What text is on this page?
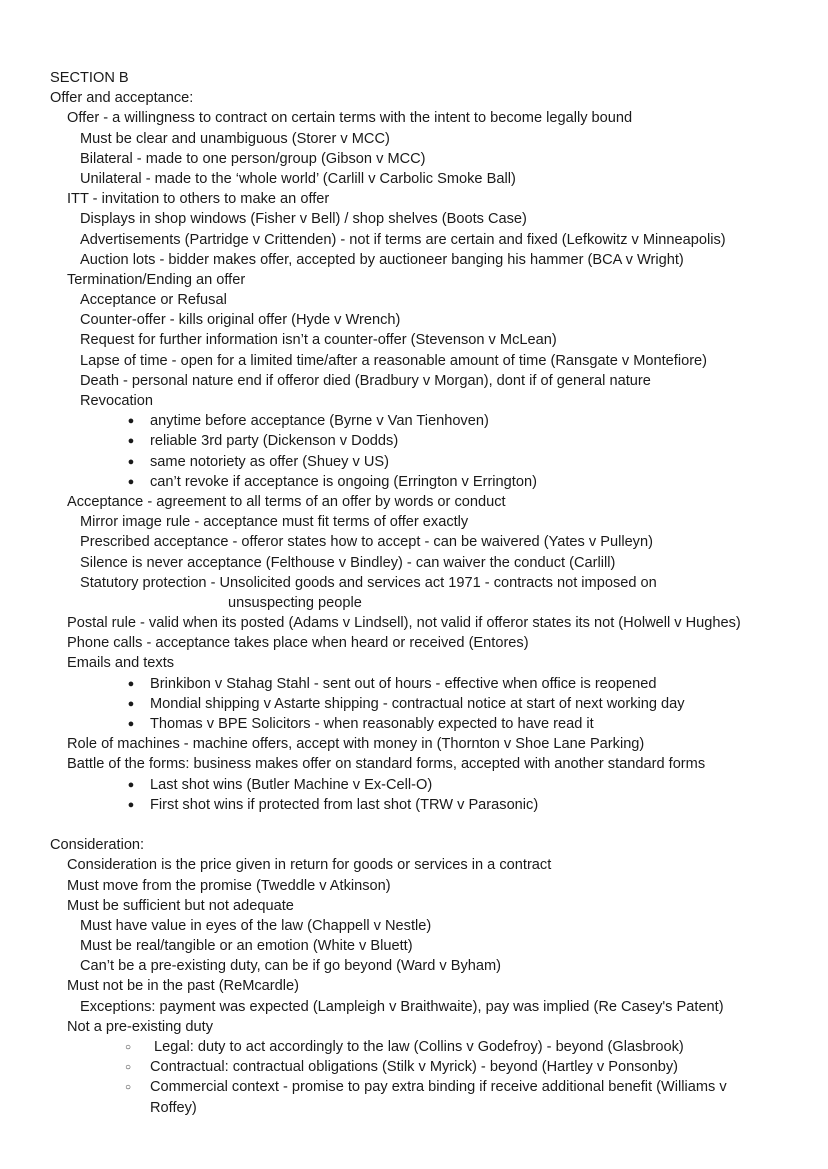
SECTION B
Offer and acceptance:
Offer - a willingness to contract on certain terms with the intent to become legally bound
Must be clear and unambiguous (Storer v MCC)
Bilateral - made to one person/group (Gibson v MCC)
Unilateral - made to the ‘whole world’ (Carlill v Carbolic Smoke Ball)
ITT - invitation to others to make an offer
Displays in shop windows (Fisher v Bell) / shop shelves (Boots Case)
Advertisements (Partridge v Crittenden) - not if terms are certain and fixed (Lefkowitz v Minneapolis)
Auction lots - bidder makes offer, accepted by auctioneer banging his hammer (BCA v Wright)
Termination/Ending an offer
Acceptance or Refusal
Counter-offer - kills original offer (Hyde v Wrench)
Request for further information isn’t a counter-offer (Stevenson v McLean)
Lapse of time - open for a limited time/after a reasonable amount of time (Ransgate v Montefiore)
Death - personal nature end if offeror died (Bradbury v Morgan), dont if of general nature
Revocation
● anytime before acceptance (Byrne v Van Tienhoven)
● reliable 3rd party (Dickenson v Dodds)
● same notoriety as offer (Shuey v US)
● can’t revoke if acceptance is ongoing (Errington v Errington)
Acceptance - agreement to all terms of an offer by words or conduct
Mirror image rule - acceptance must fit terms of offer exactly
Prescribed acceptance - offeror states how to accept - can be waivered (Yates v Pulleyn)
Silence is never acceptance (Felthouse v Bindley) - can waiver the conduct (Carlill)
Statutory protection - Unsolicited goods and services act 1971 - contracts not imposed on
unsuspecting people
Postal rule - valid when its posted (Adams v Lindsell), not valid if offeror states its not (Holwell v Hughes)
Phone calls - acceptance takes place when heard or received (Entores)
Emails and texts
● Brinkibon v Stahag Stahl - sent out of hours - effective when office is reopened
● Mondial shipping v Astarte shipping - contractual notice at start of next working day
● Thomas v BPE Solicitors - when reasonably expected to have read it
Role of machines - machine offers, accept with money in (Thornton v Shoe Lane Parking)
Battle of the forms: business makes offer on standard forms, accepted with another standard forms
● Last shot wins (Butler Machine v Ex-Cell-O)
● First shot wins if protected from last shot (TRW v Parasonic)
Consideration:
Consideration is the price given in return for goods or services in a contract
Must move from the promise (Tweddle v Atkinson)
Must be sufficient but not adequate
Must have value in eyes of the law (Chappell v Nestle)
Must be real/tangible or an emotion (White v Bluett)
Can’t be a pre-existing duty, can be if go beyond (Ward v Byham)
Must not be in the past (ReMcardle)
Exceptions: payment was expected (Lampleigh v Braithwaite), pay was implied (Re Casey's Patent)
Not a pre-existing duty
○ Legal: duty to act accordingly to the law (Collins v Godefroy) - beyond (Glasbrook)
○ Contractual: contractual obligations (Stilk v Myrick) - beyond (Hartley v Ponsonby)
○ Commercial context - promise to pay extra binding if receive additional benefit (Williams v
Roffey)
